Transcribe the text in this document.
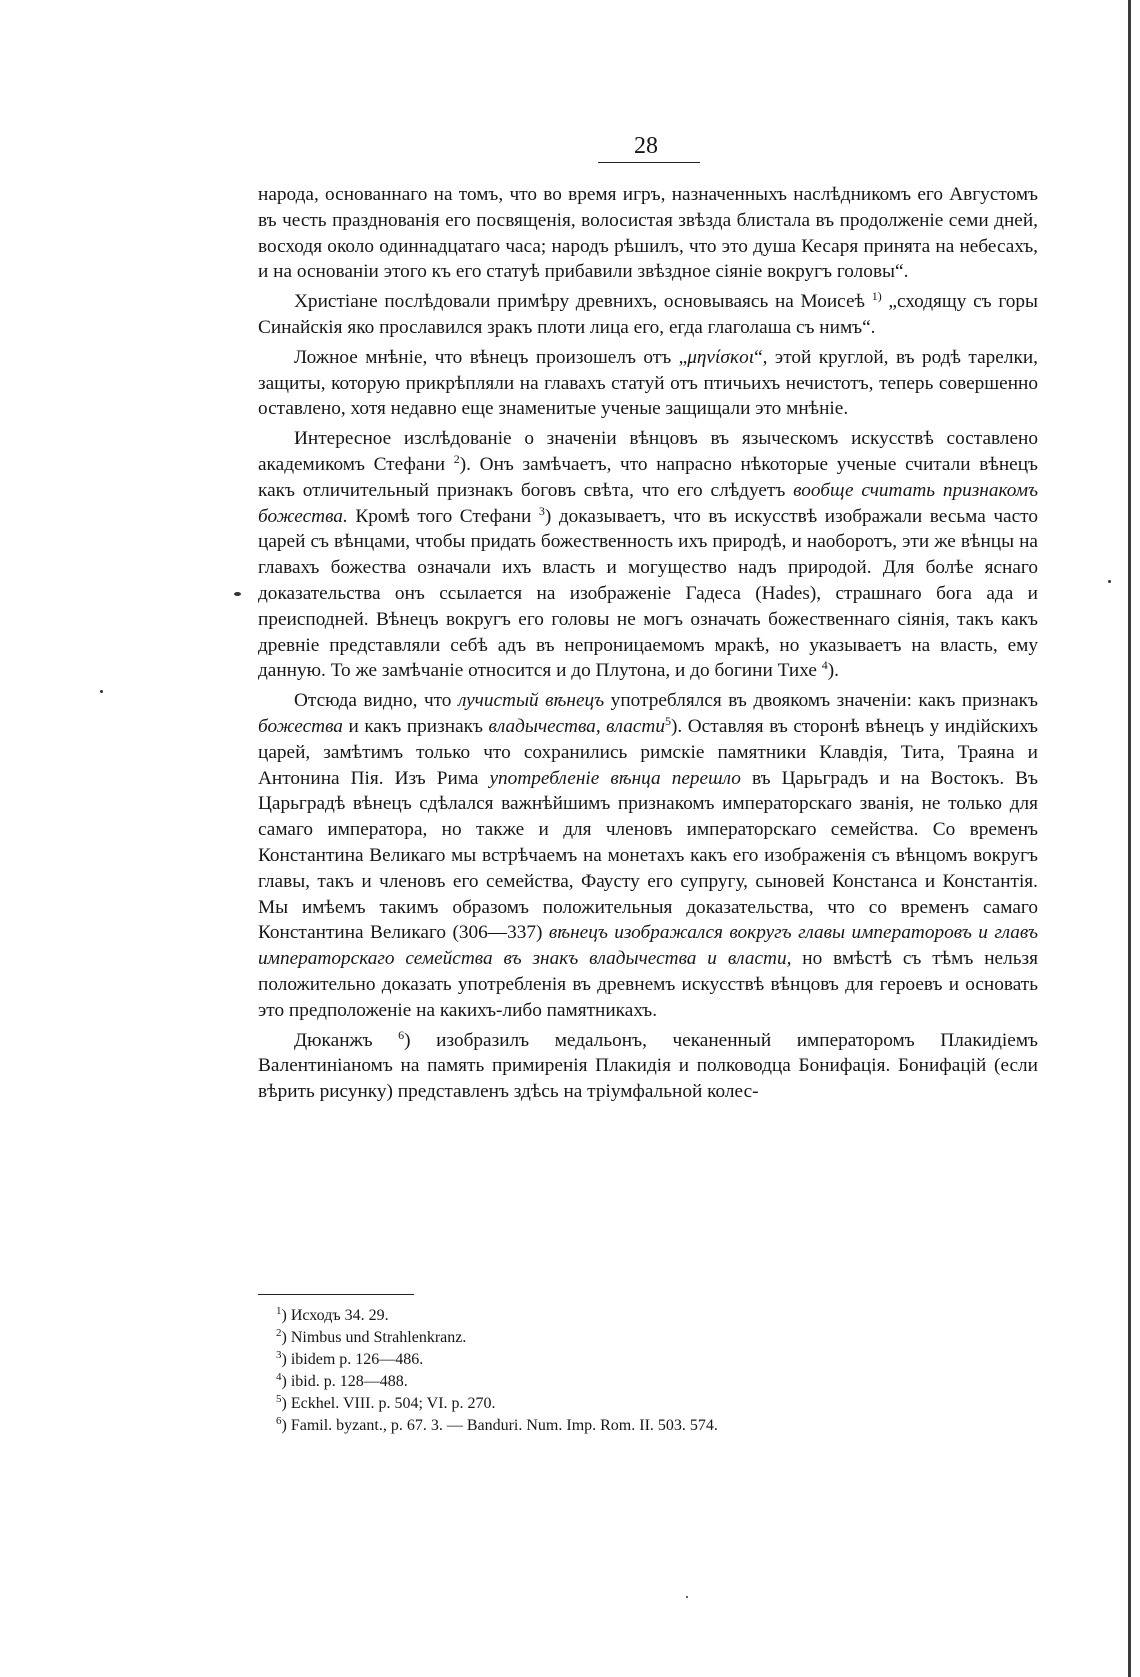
28

народа, основаннаго на томъ, что во время игръ, назначенныхъ наслѣдникомъ его Августомъ въ честь празднованія его посвященія, волосистая звѣзда блистала въ продолженіе семи дней, восходя около одиннадцатаго часа; народъ рѣшилъ, что это душа Кесаря принята на небесахъ, и на основаніи этого къ его статуѣ прибавили звѣздное сіяніе вокругъ головы“.

Христіане послѣдовали примѣру древнихъ, основываясь на Моисеѣ $^{1)}$ „сходящу съ горы Синайскія яко прославился зракъ плоти лица его, егда глаголаша съ нимъ“.

Ложное мнѣніе, что вѣнецъ произошелъ отъ „μηνίσκοι“, этой круглой, въ родѣ тарелки, защиты, которую прикрѣпляли на главахъ статуй отъ птичьихъ нечистотъ, теперь совершенно оставлено, хотя недавно еще знаменитые ученые защищали это мнѣніе.

Интересное изслѣдованіе о значеніи вѣнцовъ въ языческомъ искусствѣ составлено академикомъ Стефани $^2$). Онъ замѣчаетъ, что напрасно нѣкоторые ученые считали вѣнецъ какъ отличительный признакъ боговъ свѣта, что его слѣдуетъ вообще считать признакомъ божества. Кромѣ того Стефани $^3$) доказываетъ, что въ искусствѣ изображали весьма часто царей съ вѣнцами, чтобы придать божественность ихъ природѣ, и наоборотъ, эти же вѣнцы на главахъ божества означали ихъ власть и могущество надъ природой. Для болѣе яснаго доказательства онъ ссылается на изображеніе Гадеса (Hades), страшнаго бога ада и преисподней. Вѣнецъ вокругъ его головы не могъ означать божественнаго сіянія, такъ какъ древніе представляли себѣ адъ въ непроницаемомъ мракѣ, но указываетъ на власть, ему данную. То же замѣчаніе относится и до Плутона, и до богини Тихе $^4$).

Отсюда видно, что лучистый вѣнецъ употреблялся въ двоякомъ значеніи: какъ признакъ божества и какъ признакъ владычества, власти$^5$). Оставляя въ сторонѣ вѣнецъ у индійскихъ царей, замѣтимъ только что сохранились римскіе памятники Клавдія, Тита, Траяна и Антонина Пія. Изъ Рима употребленіе вѣнца перешло въ Царьградъ и на Востокъ. Въ Царьградѣ вѣнецъ сдѣлался важнѣйшимъ признакомъ императорскаго званія, не только для самаго императора, но также и для членовъ императорскаго семейства. Со временъ Константина Великаго мы встрѣчаемъ на монетахъ какъ его изображенія съ вѣнцомъ вокругъ главы, такъ и членовъ его семейства, Фаусту его супругу, сыновей Констанса и Константія. Мы имѣемъ такимъ образомъ положительныя доказательства, что со временъ самаго Константина Великаго (306—337) вѣнецъ изображался вокругъ главы императоровъ и главъ императорскаго семейства въ знакъ владычества и власти, но вмѣстѣ съ тѣмъ нельзя положительно доказать употребленія въ древнемъ искусствѣ вѣнцовъ для героевъ и основать это предположеніе на какихъ-либо памятникахъ.

Дюканжъ $^6$) изобразилъ медальонъ, чеканенный императоромъ Плакидіемъ Валентиніаномъ на память примиренія Плакидія и полководца Бонифація. Бонифацій (если вѣрить рисунку) представленъ здѣсь на тріумфальной колес-

$^1$) Исходъ 34. 29.
$^2$) Nimbus und Strahlenkranz.
$^3$) ibidem p. 126—486.
$^4$) ibid. p. 128—488.
$^5$) Eckhel. VIII. p. 504; VI. p. 270.
$^6$) Famil. byzant., p. 67. 3. — Banduri. Num. Imp. Rom. II. 503. 574.
